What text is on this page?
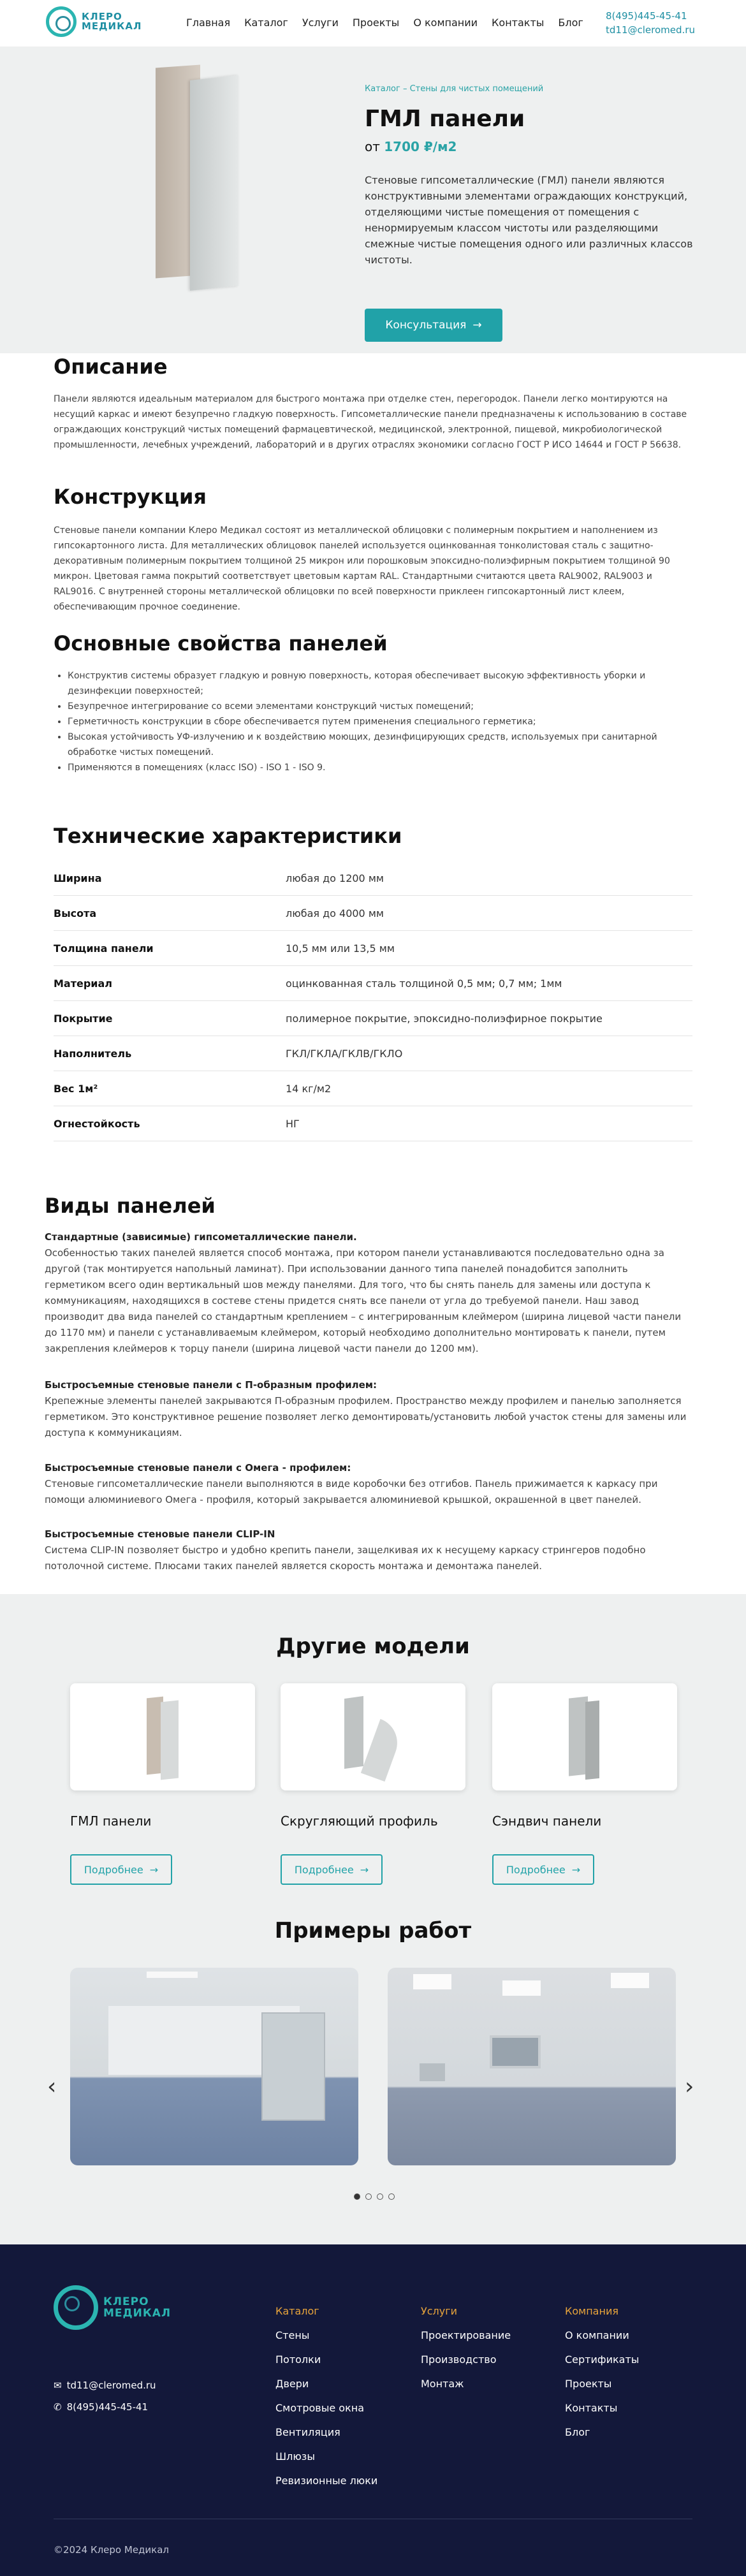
КЛЕРО
МЕДИКАЛ	Главная Каталог Услуги Проекты О компании Контакты Блог
8(495)445-45-41
td11@cleromed.ru
Каталог – Стены для чистых помещений
ГМЛ панели
от 1700 ₽/м2
Стеновые гипсометаллические (ГМЛ) панели являются конструктивными элементами ограждающих конструкций, отделяющими чистые помещения от помещения с ненормируемым классом чистоты или разделяющими смежные чистые помещения одного или различных классов чистоты.
Консультация →
Описание
Панели являются идеальным материалом для быстрого монтажа при отделке стен, перегородок. Панели легко монтируются на несущий каркас и имеют безупречно гладкую поверхность. Гипсометаллические панели предназначены к использованию в составе ограждающих конструкций чистых помещений фармацевтической, медицинской, электронной, пищевой, микробиологической промышленности, лечебных учреждений, лабораторий и в других отраслях экономики согласно ГОСТ Р ИСО 14644 и ГОСТ Р 56638.
Конструкция
Стеновые панели компании Клеро Медикал состоят из металлической облицовки с полимерным покрытием и наполнением из гипсокартонного листа. Для металлических облицовок панелей используется оцинкованная тонколистовая сталь с защитно-декоративным полимерным покрытием толщиной 25 микрон или порошковым эпоксидно-полиэфирным покрытием толщиной 90 микрон. Цветовая гамма покрытий соответствует цветовым картам RAL. Стандартными считаются цвета RAL9002, RAL9003 и RAL9016. С внутренней стороны металлической облицовки по всей поверхности приклеен гипсокартонный лист клеем, обеспечивающим прочное соединение.
Основные свойства панелей
• Конструктив системы образует гладкую и ровную поверхность, которая обеспечивает высокую эффективность уборки и дезинфекции поверхностей;
• Безупречное интегрирование со всеми элементами конструкций чистых помещений;
• Герметичность конструкции в сборе обеспечивается путем применения специального герметика;
• Высокая устойчивость УФ-излучению и к воздействию моющих, дезинфицирующих средств, используемых при санитарной обработке чистых помещений.
• Применяются в помещениях (класс ISO) - ISO 1 - ISO 9.
Технические характеристики
Ширина	любая до 1200 мм
Высота	любая до 4000 мм
Толщина панели	10,5 мм или 13,5 мм
Материал	оцинкованная сталь толщиной 0,5 мм; 0,7 мм; 1мм
Покрытие	полимерное покрытие, эпоксидно-полиэфирное покрытие
Наполнитель	ГКЛ/ГКЛА/ГКЛВ/ГКЛО
Вес 1м²	14 кг/м2
Огнестойкость	НГ
Виды панелей
Стандартные (зависимые) гипсометаллические панели.
Особенностью таких панелей является способ монтажа, при котором панели устанавливаются последовательно одна за другой (так монтируется напольный ламинат). При использовании данного типа панелей понадобится заполнить герметиком всего один вертикальный шов между панелями. Для того, что бы снять панель для замены или доступа к коммуникациям, находящихся в состеве стены придется снять все панели от угла до требуемой панели. Наш завод производит два вида панелей со стандартным креплением – с интегрированным клеймером (ширина лицевой части панели до 1170 мм) и панели с устанавливаемым клеймером, который необходимо дополнительно монтировать к панели, путем закрепления клеймеров к торцу панели (ширина лицевой части панели до 1200 мм).
Быстросъемные стеновые панели с П-образным профилем:
Крепежные элементы панелей закрываются П-образным профилем. Пространство между профилем и панелью заполняется герметиком. Это конструктивное решение позволяет легко демонтировать/установить любой участок стены для замены или доступа к коммуникациям.
Быстросъемные стеновые панели с Омега - профилем:
Стеновые гипсометаллические панели выполняются в виде коробочки без отгибов. Панель прижимается к каркасу при помощи алюминиевого Омега - профиля, который закрывается алюминиевой крышкой, окрашенной в цвет панелей.
Быстросъемные стеновые панели CLIP-IN
Система CLIP-IN позволяет быстро и удобно крепить панели, защелкивая их к несущему каркасу стрингеров подобно потолочной системе. Плюсами таких панелей является скорость монтажа и демонтажа панелей.
Другие модели
ГМЛ панели
Подробнее →
Скругляющий профиль
Подробнее →
Сэндвич панели
Подробнее →
Примеры работ
‹	›
КЛЕРО
МЕДИКАЛ
✉ td11@cleromed.ru
✆ 8(495)445-45-41
Каталог
Стены
Потолки
Двери
Смотровые окна
Вентиляция
Шлюзы
Ревизионные люки
Услуги
Проектирование
Производство
Монтаж
Компания
О компании
Сертификаты
Проекты
Контакты
Блог
©2024 Клеро Медикал
